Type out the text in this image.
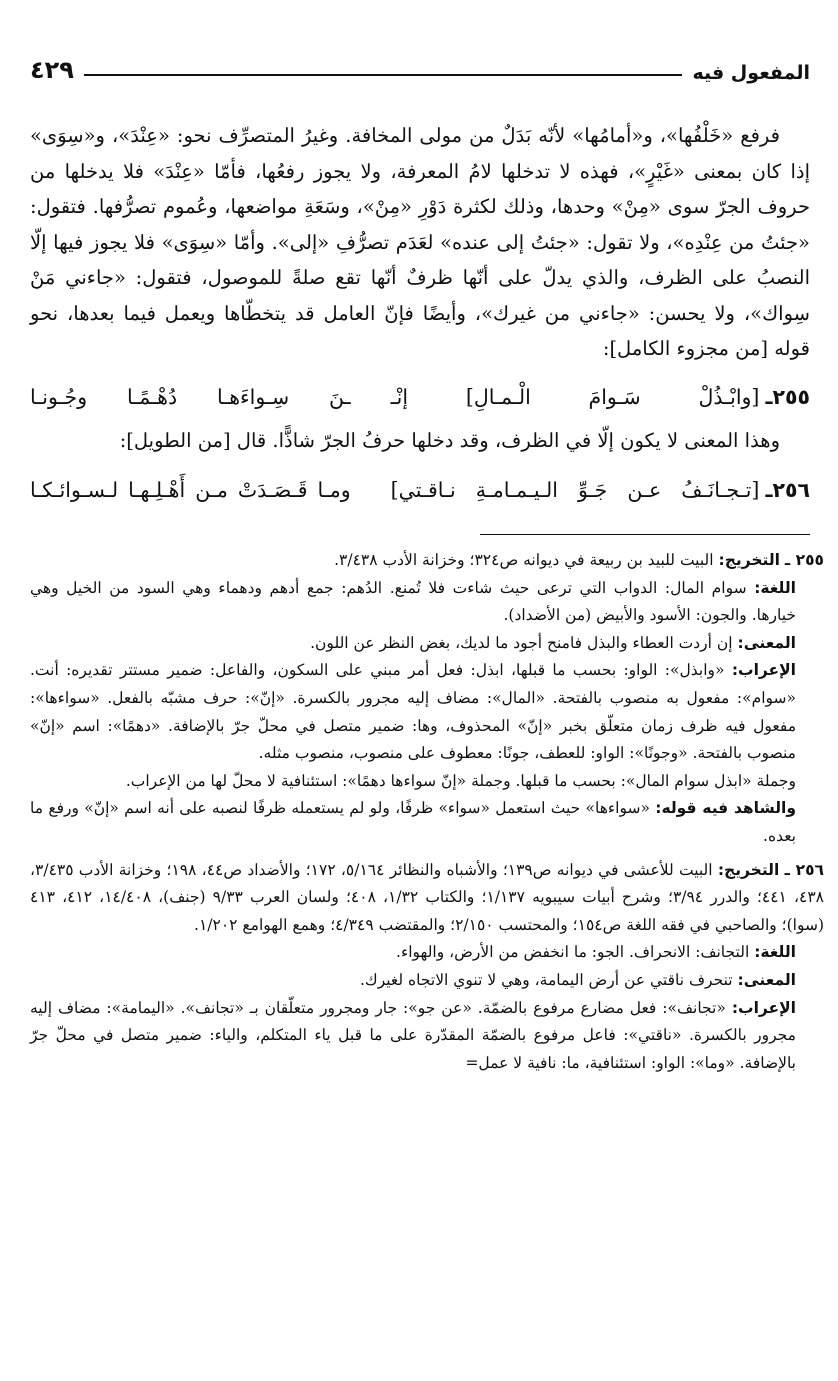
المفعول فيه
٤٢٩

فرفع «خَلْفُها»، و«أمامُها» لأنّه بَدَلٌ من مولى المخافة. وغيرُ المتصرِّف نحو: «عِنْدَ»، و«سِوَى» إذا كان بمعنى «غَيْرٍ»، فهذه لا تدخلها لامُ المعرفة، ولا يجوز رفعُها، فأمّا «عِنْدَ» فلا يدخلها من حروف الجرّ سوى «مِنْ» وحدها، وذلك لكثرة دَوْرِ «مِنْ»، وسَعَةِ مواضعها، وعُموم تصرُّفها. فتقول: «جئتُ من عِنْدِه»، ولا تقول: «جئتُ إلى عنده» لعَدَم تصرُّفِ «إلى». وأمّا «سِوَى» فلا يجوز فيها إلّا النصبُ على الظرف، والذي يدلّ على أنّها ظرفٌ أنّها تقع صلةً للموصول، فتقول: «جاءني مَنْ سِواك»، ولا يحسن: «جاءني من غيرك»، وأيضًا فإنّ العامل قد يتخطّاها ويعمل فيما بعدها، نحو قوله [من مجزوء الكامل]:

٢٥٥ـ
[وابْـذُلْ سَـوامَ الْـمـالِ] إنْـ
ـنَ سِـواءَهـا دُهْـمًـا وجُـونـا

وهذا المعنى لا يكون إلّا في الظرف، وقد دخلها حرفُ الجرّ شاذًّا. قال [من الطويل]:

٢٥٦ـ
[تـجـانَـفُ عـن جَـوِّ الـيـمـامـةِ نـاقـتي]
ومـا قَـصَـدَتْ مـن أَهْـلِـهـا لـسـوائـكـا
٢٥٥ ـ التخريج: البيت للبيد بن ربيعة في ديوانه ص٣٢٤؛ وخزانة الأدب ٣/٤٣٨.
اللغة: سوام المال: الدواب التي ترعى حيث شاءت فلا تُمنع. الدُهم: جمع أدهم ودهماء وهي السود من الخيل وهي خيارها. والجون: الأسود والأبيض (من الأضداد).
المعنى: إن أردت العطاء والبذل فامنح أجود ما لديك، بغض النظر عن اللون.
الإعراب: «وابذل»: الواو: بحسب ما قبلها، ابذل: فعل أمر مبني على السكون، والفاعل: ضمير مستتر تقديره: أنت. «سوام»: مفعول به منصوب بالفتحة. «المال»: مضاف إليه مجرور بالكسرة. «إنّ»: حرف مشبّه بالفعل. «سواءها»: مفعول فيه ظرف زمان متعلّق بخبر «إنّ» المحذوف، وها: ضمير متصل في محلّ جرّ بالإضافة. «دهمًا»: اسم «إنّ» منصوب بالفتحة. «وجونًا»: الواو: للعطف، جونًا: معطوف على منصوب، منصوب مثله.
وجملة «ابذل سوام المال»: بحسب ما قبلها. وجملة «إنّ سواءها دهمًا»: استئنافية لا محلّ لها من الإعراب.
والشاهد فيه قوله: «سواءها» حيث استعمل «سواء» ظرفًا، ولو لم يستعمله ظرفًا لنصبه على أنه اسم «إنّ» ورفع ما بعده.
٢٥٦ ـ التخريج: البيت للأعشى في ديوانه ص١٣٩؛ والأشباه والنظائر ٥/١٦٤، ١٧٢؛ والأضداد ص٤٤، ١٩٨؛ وخزانة الأدب ٣/٤٣٥، ٤٣٨، ٤٤١؛ والدرر ٣/٩٤؛ وشرح أبيات سيبويه ١/١٣٧؛ والكتاب ١/٣٢، ٤٠٨؛ ولسان العرب ٩/٣٣ (جنف)، ١٤/٤٠٨، ٤١٢، ٤١٣ (سوا)؛ والصاحبي في فقه اللغة ص١٥٤؛ والمحتسب ٢/١٥٠؛ والمقتضب ٤/٣٤٩؛ وهمع الهوامع ١/٢٠٢.
اللغة: التجانف: الانحراف. الجو: ما انخفض من الأرض، والهواء.
المعنى: تنحرف ناقتي عن أرض اليمامة، وهي لا تنوي الاتجاه لغيرك.
الإعراب: «تجانف»: فعل مضارع مرفوع بالضمّة. «عن جو»: جار ومجرور متعلّقان بـ «تجانف». «اليمامة»: مضاف إليه مجرور بالكسرة. «ناقتي»: فاعل مرفوع بالضمّة المقدّرة على ما قبل ياء المتكلم، والياء: ضمير متصل في محلّ جرّ بالإضافة. «وما»: الواو: استئنافية، ما: نافية لا عمل=
